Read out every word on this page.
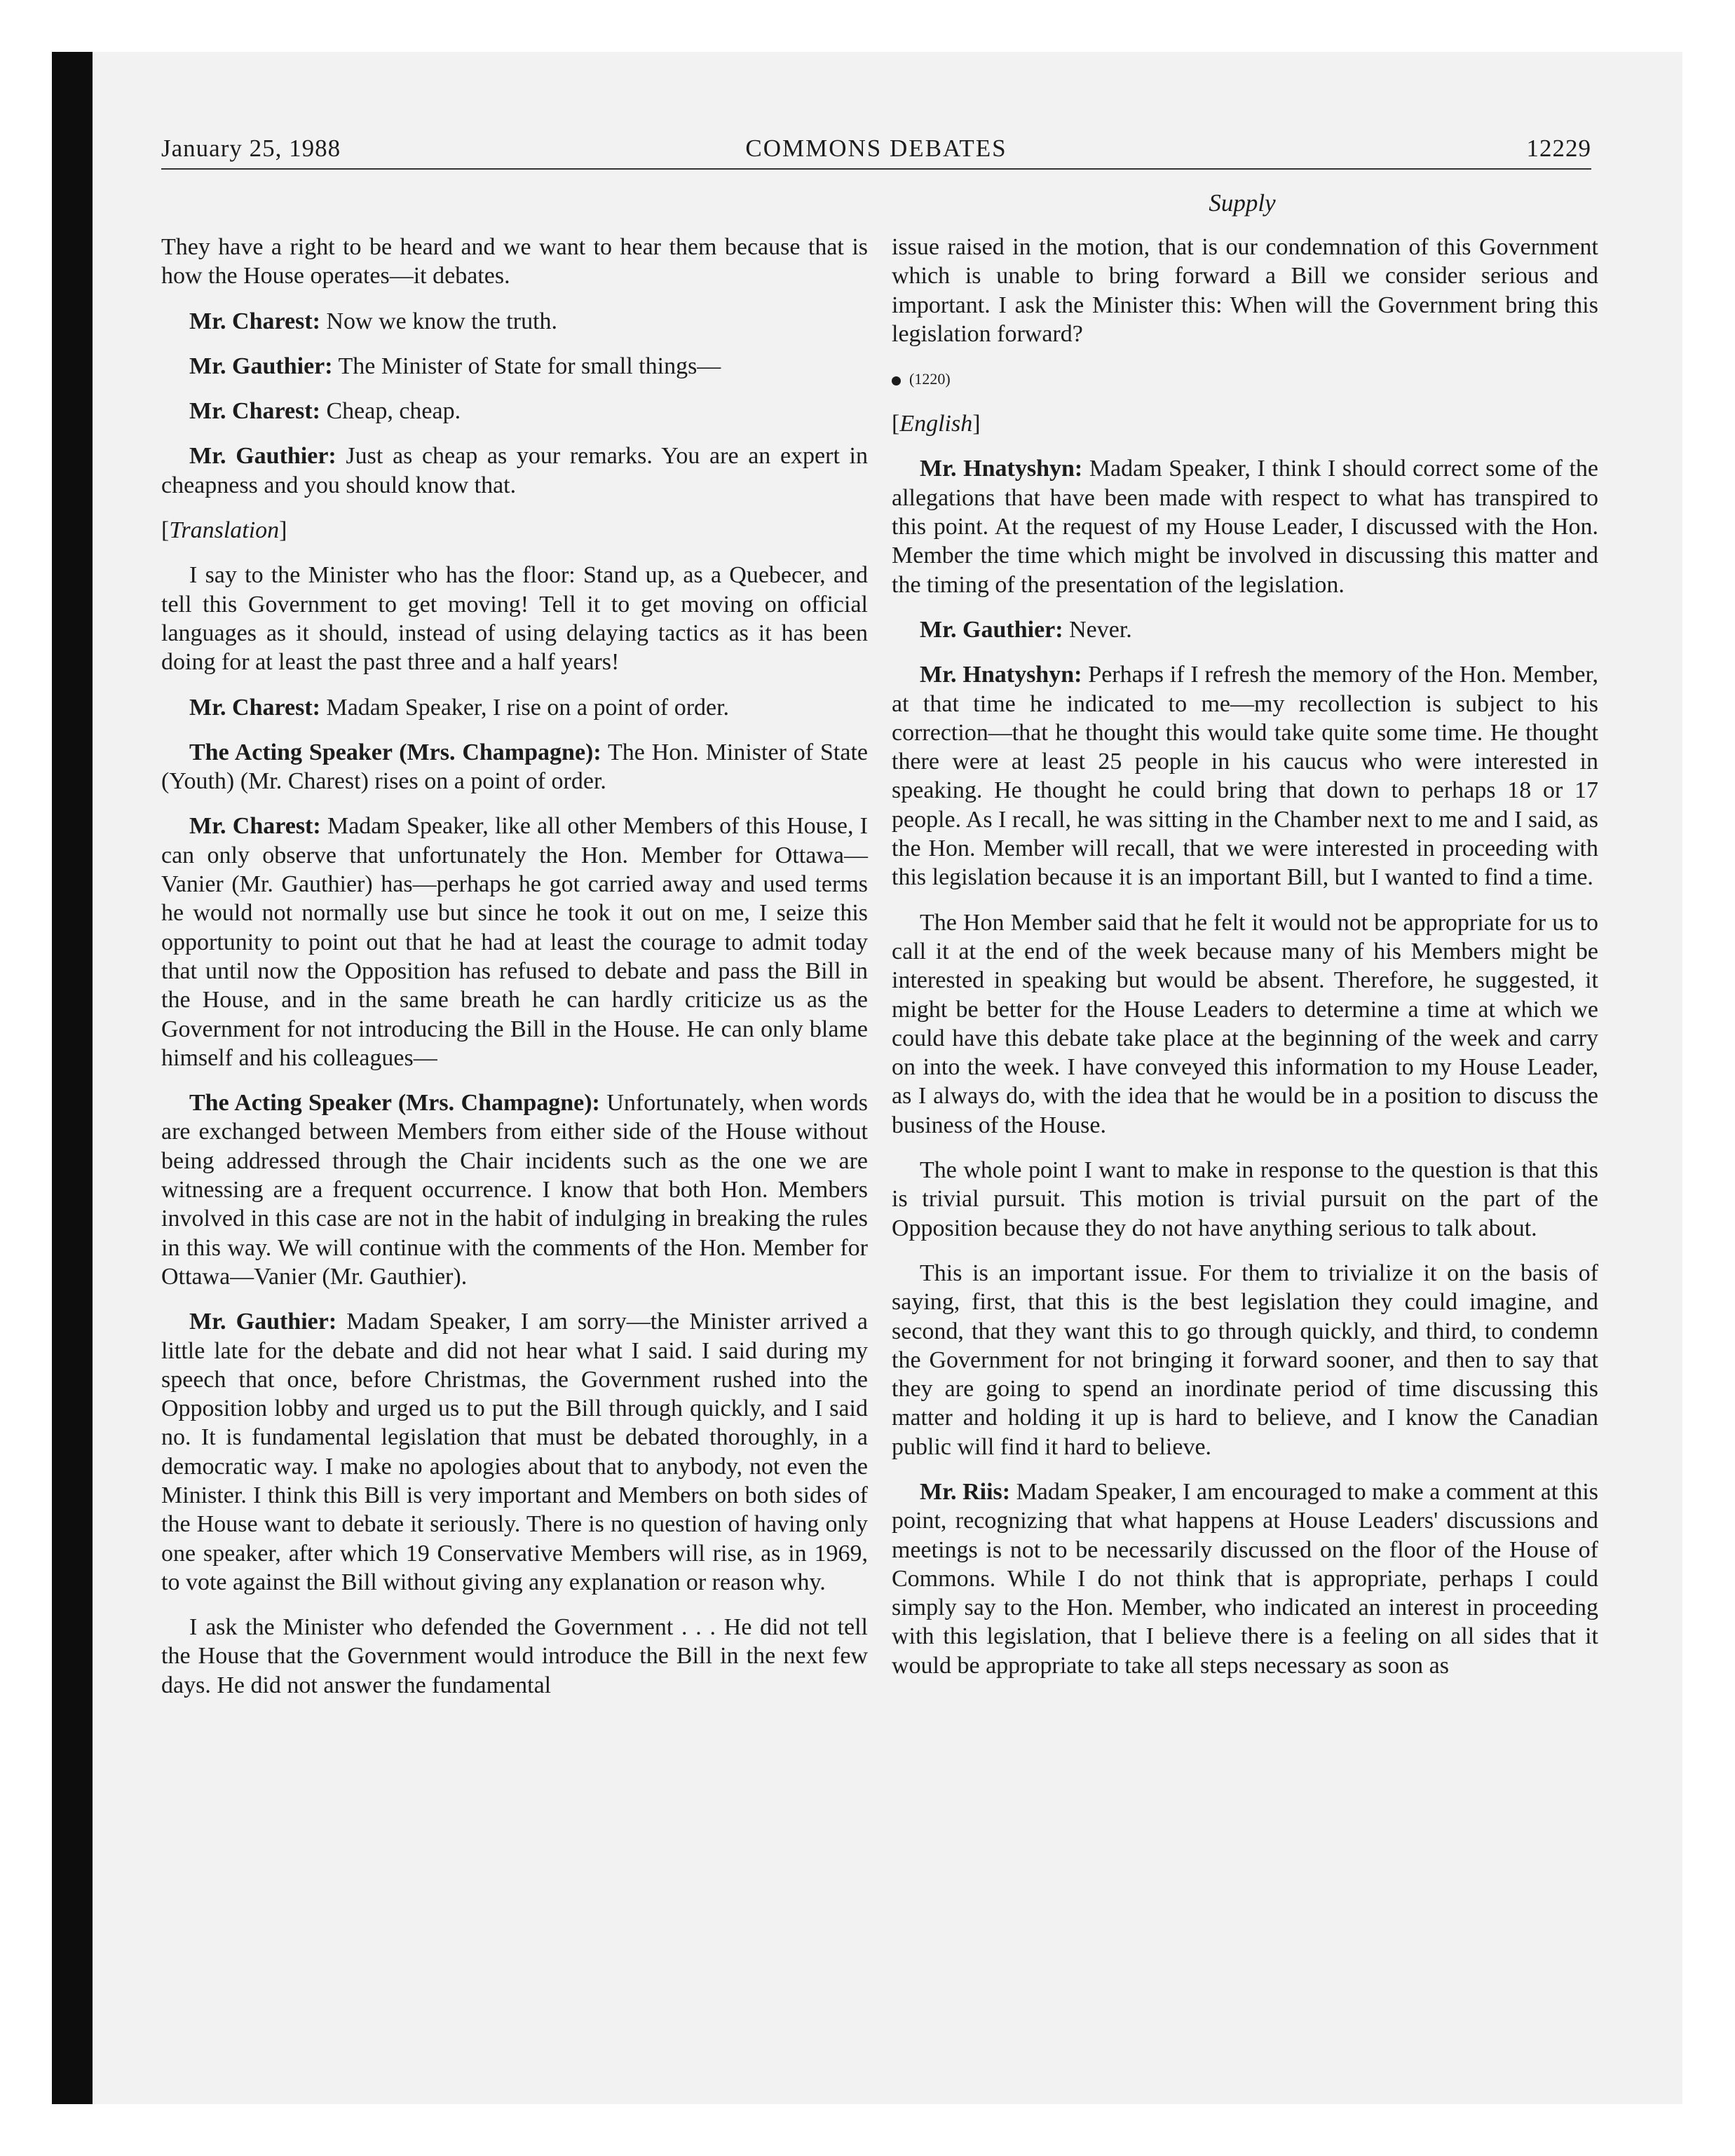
January 25, 1988	COMMONS DEBATES	12229
Supply

They have a right to be heard and we want to hear them because that is how the House operates—it debates.

Mr. Charest: Now we know the truth.

Mr. Gauthier: The Minister of State for small things—

Mr. Charest: Cheap, cheap.

Mr. Gauthier: Just as cheap as your remarks. You are an expert in cheapness and you should know that.

[Translation]

I say to the Minister who has the floor: Stand up, as a Quebecer, and tell this Government to get moving! Tell it to get moving on official languages as it should, instead of using delaying tactics as it has been doing for at least the past three and a half years!

Mr. Charest: Madam Speaker, I rise on a point of order.

The Acting Speaker (Mrs. Champagne): The Hon. Minister of State (Youth) (Mr. Charest) rises on a point of order.

Mr. Charest: Madam Speaker, like all other Members of this House, I can only observe that unfortunately the Hon. Member for Ottawa—Vanier (Mr. Gauthier) has—perhaps he got carried away and used terms he would not normally use but since he took it out on me, I seize this opportunity to point out that he had at least the courage to admit today that until now the Opposition has refused to debate and pass the Bill in the House, and in the same breath he can hardly criticize us as the Government for not introducing the Bill in the House. He can only blame himself and his colleagues—

The Acting Speaker (Mrs. Champagne): Unfortunately, when words are exchanged between Members from either side of the House without being addressed through the Chair incidents such as the one we are witnessing are a frequent occurrence. I know that both Hon. Members involved in this case are not in the habit of indulging in breaking the rules in this way. We will continue with the comments of the Hon. Member for Ottawa—Vanier (Mr. Gauthier).

Mr. Gauthier: Madam Speaker, I am sorry—the Minister arrived a little late for the debate and did not hear what I said. I said during my speech that once, before Christmas, the Government rushed into the Opposition lobby and urged us to put the Bill through quickly, and I said no. It is fundamental legislation that must be debated thoroughly, in a democratic way. I make no apologies about that to anybody, not even the Minister. I think this Bill is very important and Members on both sides of the House want to debate it seriously. There is no question of having only one speaker, after which 19 Conservative Members will rise, as in 1969, to vote against the Bill without giving any explanation or reason why.

I ask the Minister who defended the Government . . . He did not tell the House that the Government would introduce the Bill in the next few days. He did not answer the fundamental

issue raised in the motion, that is our condemnation of this Government which is unable to bring forward a Bill we consider serious and important. I ask the Minister this: When will the Government bring this legislation forward?

(1220)
[English]

Mr. Hnatyshyn: Madam Speaker, I think I should correct some of the allegations that have been made with respect to what has transpired to this point. At the request of my House Leader, I discussed with the Hon. Member the time which might be involved in discussing this matter and the timing of the presentation of the legislation.

Mr. Gauthier: Never.

Mr. Hnatyshyn: Perhaps if I refresh the memory of the Hon. Member, at that time he indicated to me—my recollection is subject to his correction—that he thought this would take quite some time. He thought there were at least 25 people in his caucus who were interested in speaking. He thought he could bring that down to perhaps 18 or 17 people. As I recall, he was sitting in the Chamber next to me and I said, as the Hon. Member will recall, that we were interested in proceeding with this legislation because it is an important Bill, but I wanted to find a time.

The Hon Member said that he felt it would not be appropriate for us to call it at the end of the week because many of his Members might be interested in speaking but would be absent. Therefore, he suggested, it might be better for the House Leaders to determine a time at which we could have this debate take place at the beginning of the week and carry on into the week. I have conveyed this information to my House Leader, as I always do, with the idea that he would be in a position to discuss the business of the House.

The whole point I want to make in response to the question is that this is trivial pursuit. This motion is trivial pursuit on the part of the Opposition because they do not have anything serious to talk about.

This is an important issue. For them to trivialize it on the basis of saying, first, that this is the best legislation they could imagine, and second, that they want this to go through quickly, and third, to condemn the Government for not bringing it forward sooner, and then to say that they are going to spend an inordinate period of time discussing this matter and holding it up is hard to believe, and I know the Canadian public will find it hard to believe.

Mr. Riis: Madam Speaker, I am encouraged to make a comment at this point, recognizing that what happens at House Leaders' discussions and meetings is not to be necessarily discussed on the floor of the House of Commons. While I do not think that is appropriate, perhaps I could simply say to the Hon. Member, who indicated an interest in proceeding with this legislation, that I believe there is a feeling on all sides that it would be appropriate to take all steps necessary as soon as
